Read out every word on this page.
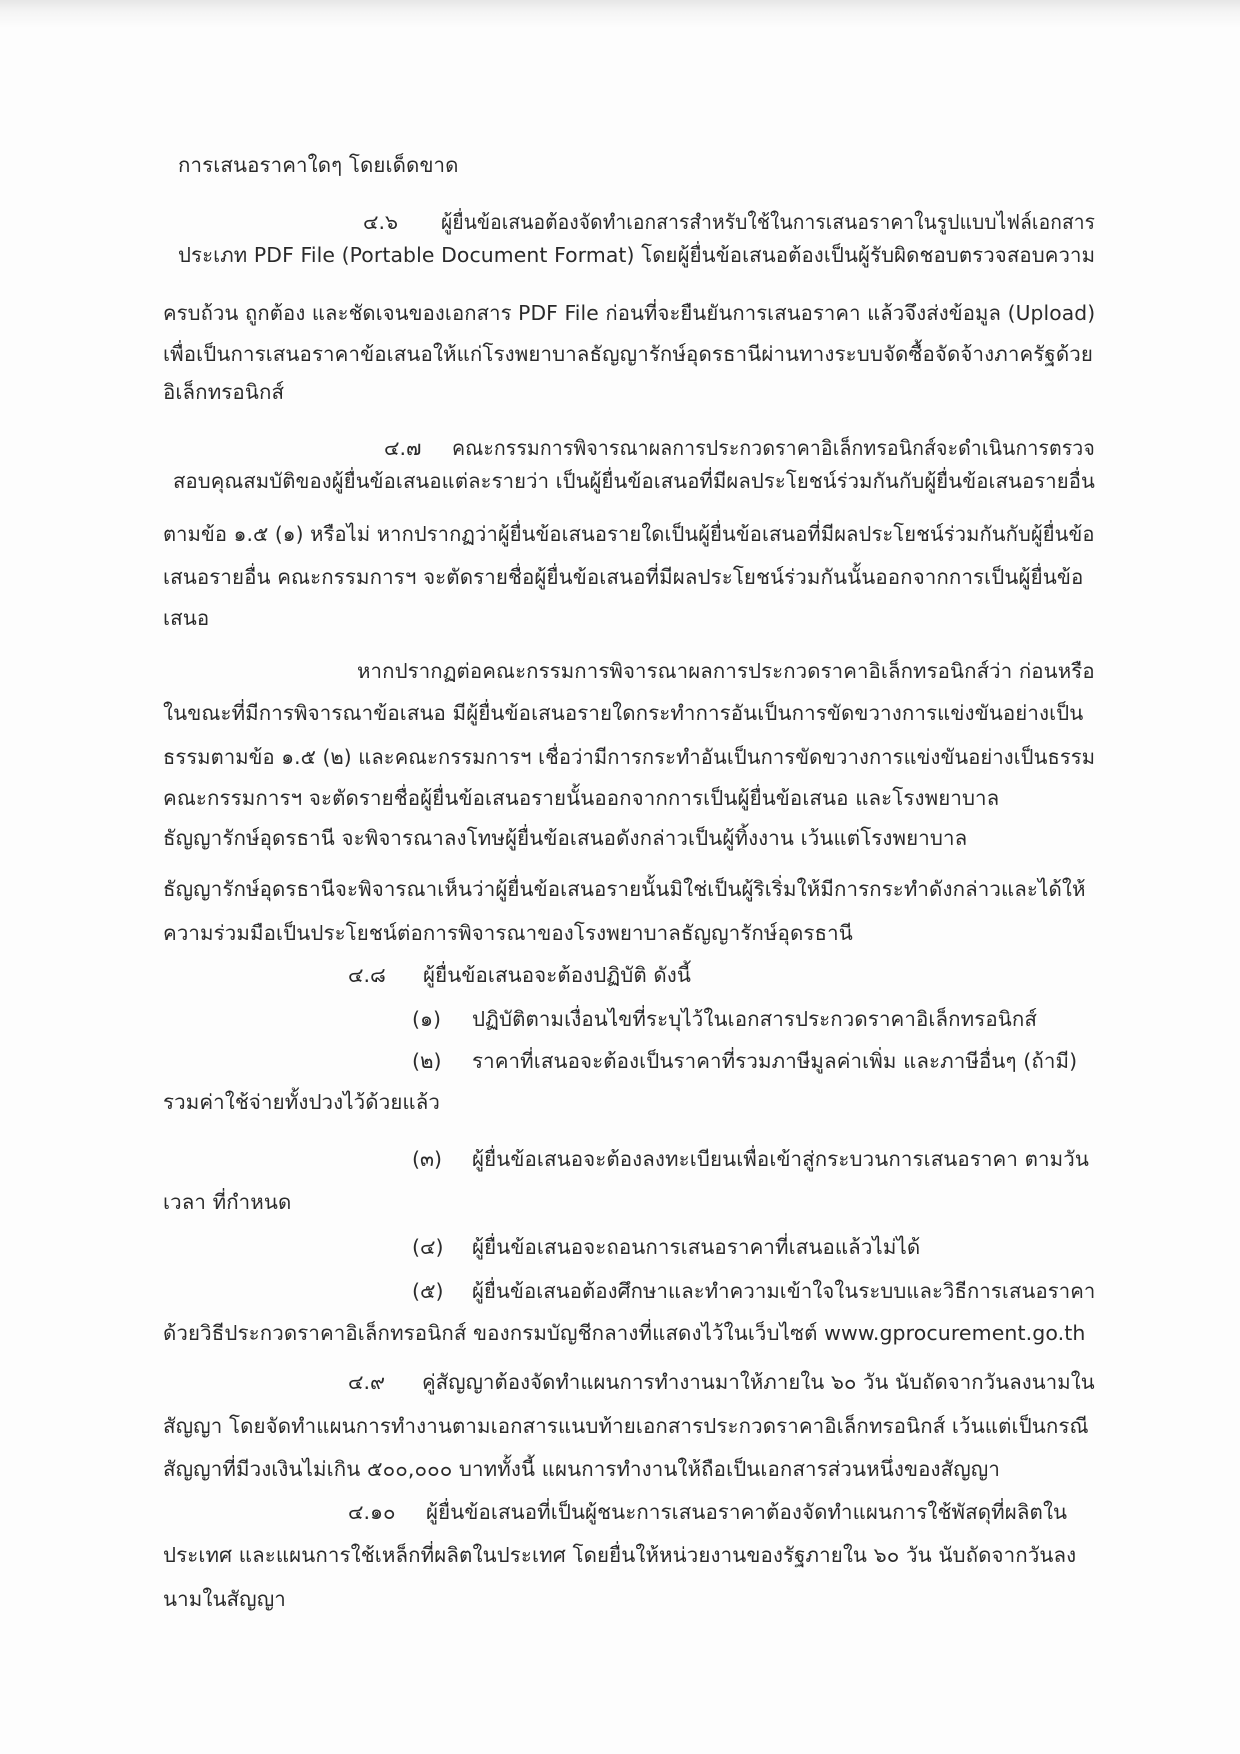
การเสนอราคาใดๆ โดยเด็ดขาด

๔.๖ ผู้ยื่นข้อเสนอต้องจัดทำเอกสารสำหรับใช้ในการเสนอราคาในรูปแบบไฟล์เอกสาร

ประเภท PDF File (Portable Document Format) โดยผู้ยื่นข้อเสนอต้องเป็นผู้รับผิดชอบตรวจสอบความ

ครบถ้วน ถูกต้อง และชัดเจนของเอกสาร PDF File ก่อนที่จะยืนยันการเสนอราคา แล้วจึงส่งข้อมูล (Upload)

เพื่อเป็นการเสนอราคาข้อเสนอให้แก่โรงพยาบาลธัญญารักษ์อุดรธานีผ่านทางระบบจัดซื้อจัดจ้างภาครัฐด้วย

อิเล็กทรอนิกส์

๔.๗ คณะกรรมการพิจารณาผลการประกวดราคาอิเล็กทรอนิกส์จะดำเนินการตรวจ

สอบคุณสมบัติของผู้ยื่นข้อเสนอแต่ละรายว่า เป็นผู้ยื่นข้อเสนอที่มีผลประโยชน์ร่วมกันกับผู้ยื่นข้อเสนอรายอื่น

ตามข้อ ๑.๕ (๑) หรือไม่ หากปรากฏว่าผู้ยื่นข้อเสนอรายใดเป็นผู้ยื่นข้อเสนอที่มีผลประโยชน์ร่วมกันกับผู้ยื่นข้อ

เสนอรายอื่น คณะกรรมการฯ จะตัดรายชื่อผู้ยื่นข้อเสนอที่มีผลประโยชน์ร่วมกันนั้นออกจากการเป็นผู้ยื่นข้อ

เสนอ

หากปรากฏต่อคณะกรรมการพิจารณาผลการประกวดราคาอิเล็กทรอนิกส์ว่า ก่อนหรือ

ในขณะที่มีการพิจารณาข้อเสนอ มีผู้ยื่นข้อเสนอรายใดกระทำการอันเป็นการขัดขวางการแข่งขันอย่างเป็น

ธรรมตามข้อ ๑.๕ (๒) และคณะกรรมการฯ เชื่อว่ามีการกระทำอันเป็นการขัดขวางการแข่งขันอย่างเป็นธรรม

คณะกรรมการฯ จะตัดรายชื่อผู้ยื่นข้อเสนอรายนั้นออกจากการเป็นผู้ยื่นข้อเสนอ และโรงพยาบาล

ธัญญารักษ์อุดรธานี จะพิจารณาลงโทษผู้ยื่นข้อเสนอดังกล่าวเป็นผู้ทิ้งงาน เว้นแต่โรงพยาบาล

ธัญญารักษ์อุดรธานีจะพิจารณาเห็นว่าผู้ยื่นข้อเสนอรายนั้นมิใช่เป็นผู้ริเริ่มให้มีการกระทำดังกล่าวและได้ให้

ความร่วมมือเป็นประโยชน์ต่อการพิจารณาของโรงพยาบาลธัญญารักษ์อุดรธานี

๔.๘ ผู้ยื่นข้อเสนอจะต้องปฏิบัติ ดังนี้

(๑) ปฏิบัติตามเงื่อนไขที่ระบุไว้ในเอกสารประกวดราคาอิเล็กทรอนิกส์

(๒) ราคาที่เสนอจะต้องเป็นราคาที่รวมภาษีมูลค่าเพิ่ม และภาษีอื่นๆ (ถ้ามี)

รวมค่าใช้จ่ายทั้งปวงไว้ด้วยแล้ว

(๓) ผู้ยื่นข้อเสนอจะต้องลงทะเบียนเพื่อเข้าสู่กระบวนการเสนอราคา ตามวัน

เวลา ที่กำหนด

(๔) ผู้ยื่นข้อเสนอจะถอนการเสนอราคาที่เสนอแล้วไม่ได้

(๕) ผู้ยื่นข้อเสนอต้องศึกษาและทำความเข้าใจในระบบและวิธีการเสนอราคา

ด้วยวิธีประกวดราคาอิเล็กทรอนิกส์ ของกรมบัญชีกลางที่แสดงไว้ในเว็บไซต์ www.gprocurement.go.th

๔.๙ คู่สัญญาต้องจัดทำแผนการทำงานมาให้ภายใน ๖๐ วัน นับถัดจากวันลงนามใน

สัญญา โดยจัดทำแผนการทำงานตามเอกสารแนบท้ายเอกสารประกวดราคาอิเล็กทรอนิกส์ เว้นแต่เป็นกรณี

สัญญาที่มีวงเงินไม่เกิน ๕๐๐,๐๐๐ บาททั้งนี้ แผนการทำงานให้ถือเป็นเอกสารส่วนหนึ่งของสัญญา

๔.๑๐ ผู้ยื่นข้อเสนอที่เป็นผู้ชนะการเสนอราคาต้องจัดทำแผนการใช้พัสดุที่ผลิตใน

ประเทศ และแผนการใช้เหล็กที่ผลิตในประเทศ โดยยื่นให้หน่วยงานของรัฐภายใน ๖๐ วัน นับถัดจากวันลง

นามในสัญญา
